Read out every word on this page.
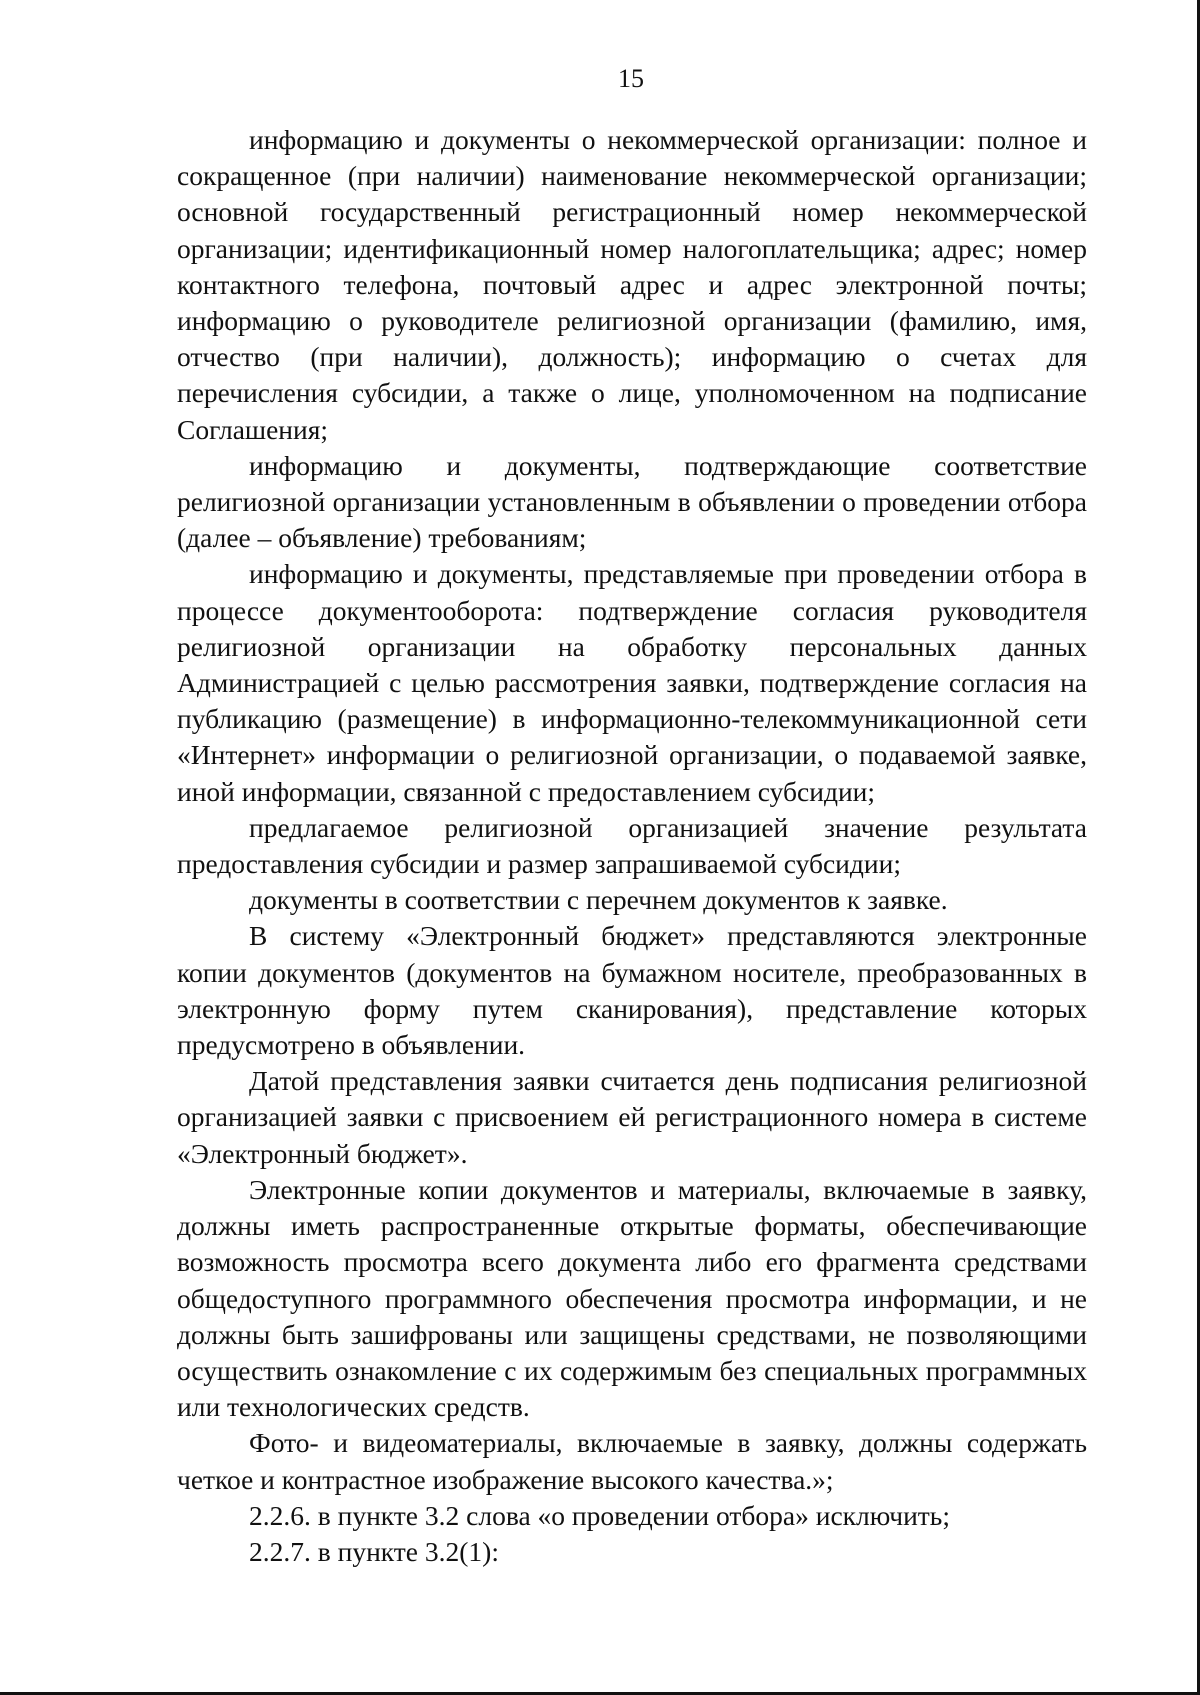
15

информацию и документы о некоммерческой организации: полное и сокращенное (при наличии) наименование некоммерческой организации; основной государственный регистрационный номер некоммерческой организации; идентификационный номер налогоплательщика; адрес; номер контактного телефона, почтовый адрес и адрес электронной почты; информацию о руководителе религиозной организации (фамилию, имя, отчество (при наличии), должность); информацию о счетах для перечисления субсидии, а также о лице, уполномоченном на подписание Соглашения;

информацию и документы, подтверждающие соответствие религиозной организации установленным в объявлении о проведении отбора (далее – объявление) требованиям;

информацию и документы, представляемые при проведении отбора в процессе документооборота: подтверждение согласия руководителя религиозной организации на обработку персональных данных Администрацией с целью рассмотрения заявки, подтверждение согласия на публикацию (размещение) в информационно-телекоммуникационной сети «Интернет» информации о религиозной организации, о подаваемой заявке, иной информации, связанной с предоставлением субсидии;

предлагаемое религиозной организацией значение результата предоставления субсидии и размер запрашиваемой субсидии;

документы в соответствии с перечнем документов к заявке.

В систему «Электронный бюджет» представляются электронные копии документов (документов на бумажном носителе, преобразованных в электронную форму путем сканирования), представление которых предусмотрено в объявлении.

Датой представления заявки считается день подписания религиозной организацией заявки с присвоением ей регистрационного номера в системе «Электронный бюджет».

Электронные копии документов и материалы, включаемые в заявку, должны иметь распространенные открытые форматы, обеспечивающие возможность просмотра всего документа либо его фрагмента средствами общедоступного программного обеспечения просмотра информации, и не должны быть зашифрованы или защищены средствами, не позволяющими осуществить ознакомление с их содержимым без специальных программных или технологических средств.

Фото- и видеоматериалы, включаемые в заявку, должны содержать четкое и контрастное изображение высокого качества.»;

2.2.6. в пункте 3.2 слова «о проведении отбора» исключить;

2.2.7. в пункте 3.2(1):
